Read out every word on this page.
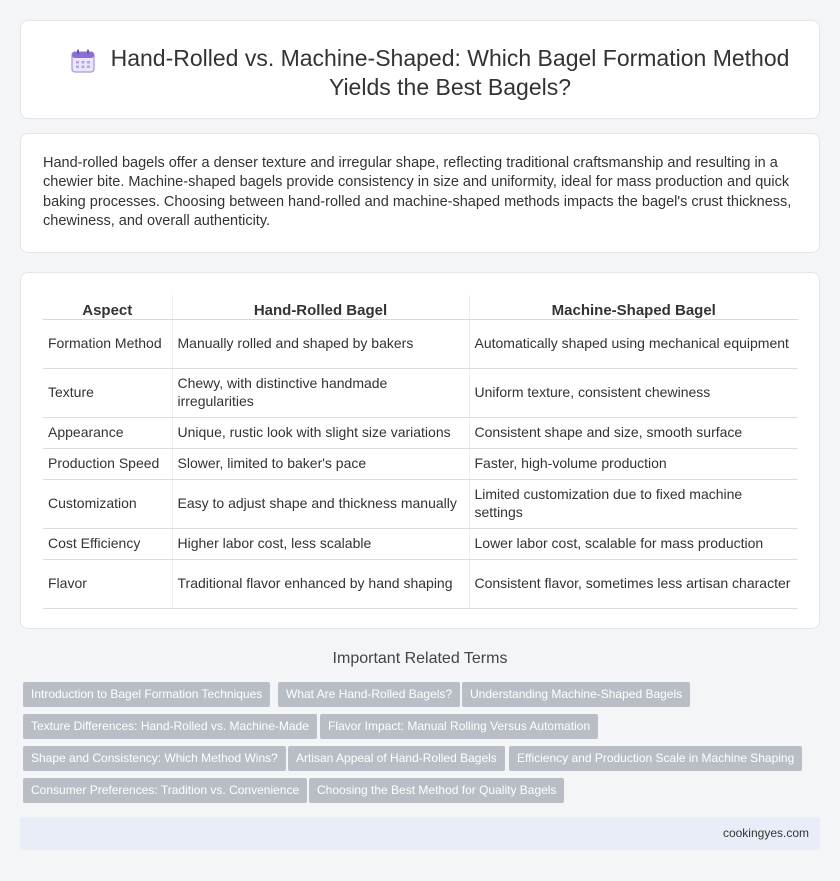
Hand-Rolled vs. Machine-Shaped: Which Bagel Formation Method Yields the Best Bagels?

Hand-rolled bagels offer a denser texture and irregular shape, reflecting traditional craftsmanship and resulting in a chewier bite. Machine-shaped bagels provide consistency in size and uniformity, ideal for mass production and quick baking processes. Choosing between hand-rolled and machine-shaped methods impacts the bagel's crust thickness, chewiness, and overall authenticity.

Aspect	Hand-Rolled Bagel	Machine-Shaped Bagel
Formation Method	Manually rolled and shaped by bakers	Automatically shaped using mechanical equipment
Texture	Chewy, with distinctive handmade irregularities	Uniform texture, consistent chewiness
Appearance	Unique, rustic look with slight size variations	Consistent shape and size, smooth surface
Production Speed	Slower, limited to baker's pace	Faster, high-volume production
Customization	Easy to adjust shape and thickness manually	Limited customization due to fixed machine settings
Cost Efficiency	Higher labor cost, less scalable	Lower labor cost, scalable for mass production
Flavor	Traditional flavor enhanced by hand shaping	Consistent flavor, sometimes less artisan character
Important Related Terms
Introduction to Bagel Formation Techniques	What Are Hand-Rolled Bagels?	Understanding Machine-Shaped Bagels
Texture Differences: Hand-Rolled vs. Machine-Made	Flavor Impact: Manual Rolling Versus Automation
Shape and Consistency: Which Method Wins?	Artisan Appeal of Hand-Rolled Bagels	Efficiency and Production Scale in Machine Shaping
Consumer Preferences: Tradition vs. Convenience	Choosing the Best Method for Quality Bagels
cookingyes.com
